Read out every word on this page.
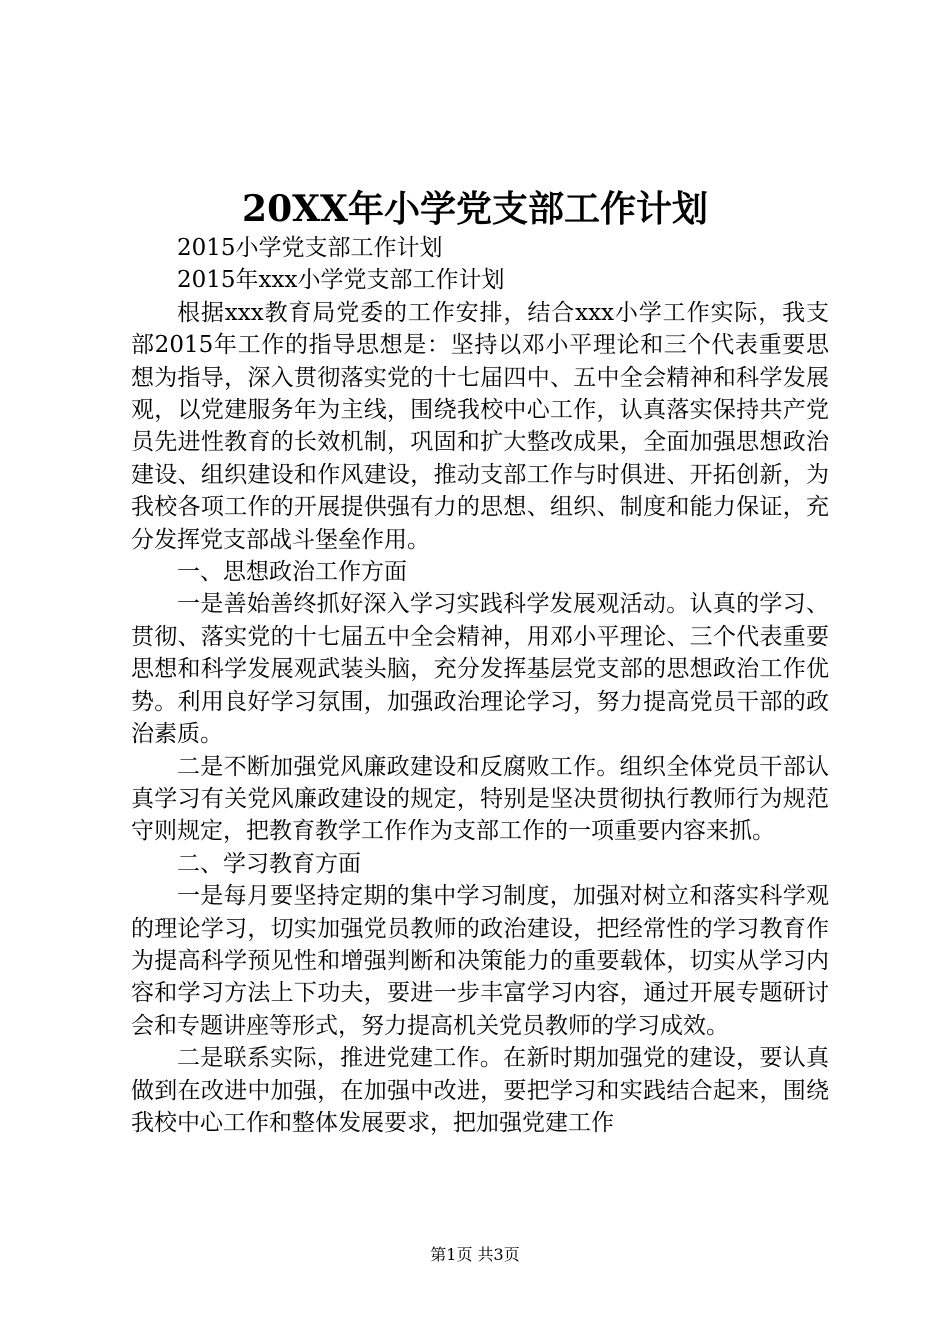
20XX年小学党支部工作计划

2015小学党支部工作计划

2015年xxx小学党支部工作计划

根据xxx教育局党委的工作安排，结合xxx小学工作实际，我支部2015年工作的指导思想是：坚持以邓小平理论和三个代表重要思想为指导，深入贯彻落实党的十七届四中、五中全会精神和科学发展观，以党建服务年为主线，围绕我校中心工作，认真落实保持共产党员先进性教育的长效机制，巩固和扩大整改成果，全面加强思想政治建设、组织建设和作风建设，推动支部工作与时俱进、开拓创新，为我校各项工作的开展提供强有力的思想、组织、制度和能力保证，充分发挥党支部战斗堡垒作用。

一、思想政治工作方面

一是善始善终抓好深入学习实践科学发展观活动。认真的学习、贯彻、落实党的十七届五中全会精神，用邓小平理论、三个代表重要思想和科学发展观武装头脑，充分发挥基层党支部的思想政治工作优势。利用良好学习氛围，加强政治理论学习，努力提高党员干部的政治素质。

二是不断加强党风廉政建设和反腐败工作。组织全体党员干部认真学习有关党风廉政建设的规定，特别是坚决贯彻执行教师行为规范守则规定，把教育教学工作作为支部工作的一项重要内容来抓。

二、学习教育方面

一是每月要坚持定期的集中学习制度，加强对树立和落实科学观的理论学习，切实加强党员教师的政治建设，把经常性的学习教育作为提高科学预见性和增强判断和决策能力的重要载体，切实从学习内容和学习方法上下功夫，要进一步丰富学习内容，通过开展专题研讨会和专题讲座等形式，努力提高机关党员教师的学习成效。

二是联系实际，推进党建工作。在新时期加强党的建设，要认真做到在改进中加强，在加强中改进，要把学习和实践结合起来，围绕我校中心工作和整体发展要求，把加强党建工作

第1页 共3页
